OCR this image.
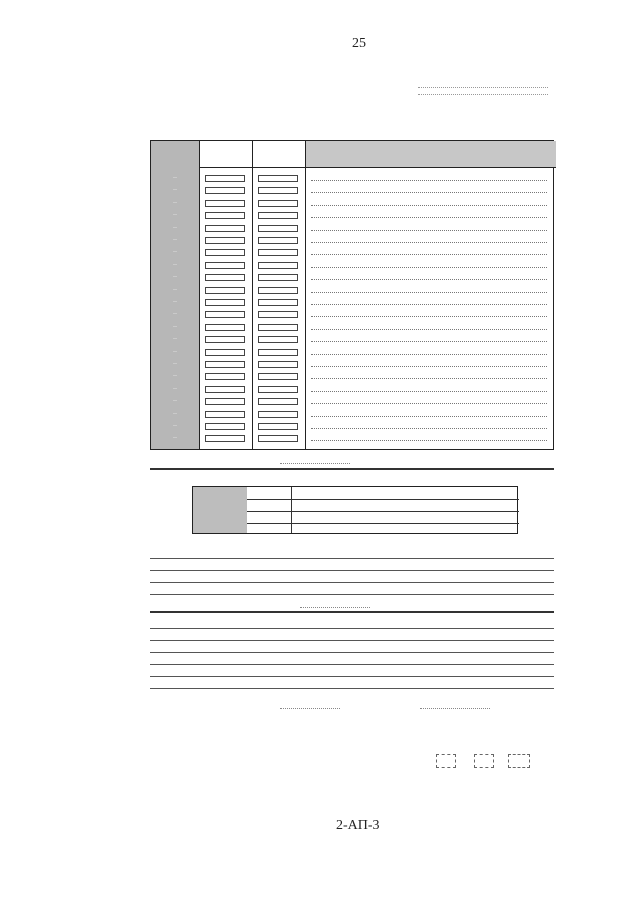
25
—
—
—
—
—
—
—
—
—
—
—
—
—
—
—
—
—
—
—
—
—
—
2-АП-3
